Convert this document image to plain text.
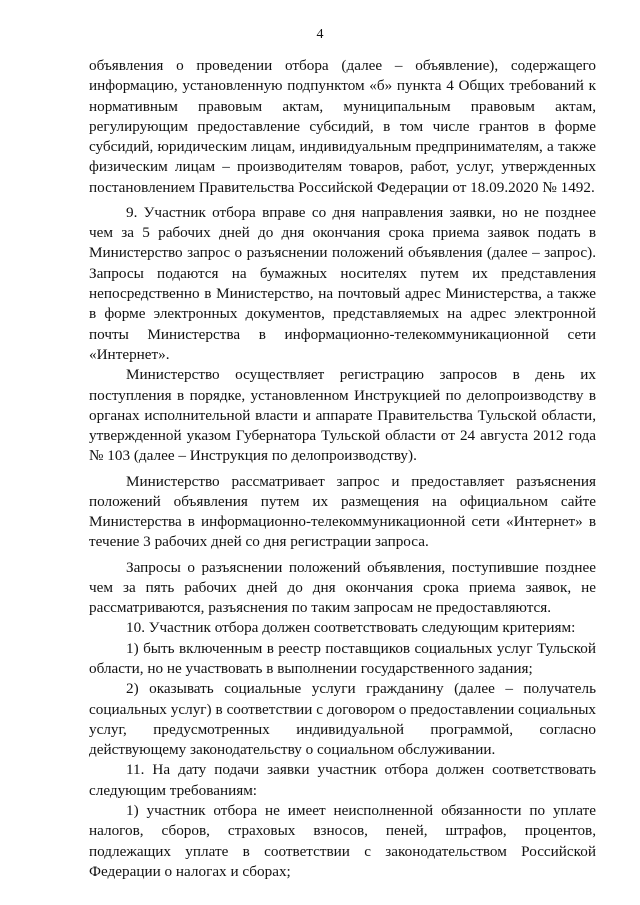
4

объявления о проведении отбора (далее – объявление), содержащего информацию, установленную подпунктом «б» пункта 4 Общих требований к нормативным правовым актам, муниципальным правовым актам, регулирующим предоставление субсидий, в том числе грантов в форме субсидий, юридическим лицам, индивидуальным предпринимателям, а также физическим лицам – производителям товаров, работ, услуг, утвержденных постановлением Правительства Российской Федерации от 18.09.2020 № 1492.

9. Участник отбора вправе со дня направления заявки, но не позднее чем за 5 рабочих дней до дня окончания срока приема заявок подать в Министерство запрос о разъяснении положений объявления (далее – запрос). Запросы подаются на бумажных носителях путем их представления непосредственно в Министерство, на почтовый адрес Министерства, а также в форме электронных документов, представляемых на адрес электронной почты Министерства в информационно-телекоммуникационной сети «Интернет».

Министерство осуществляет регистрацию запросов в день их поступления в порядке, установленном Инструкцией по делопроизводству в органах исполнительной власти и аппарате Правительства Тульской области, утвержденной указом Губернатора Тульской области от 24 августа 2012 года № 103 (далее – Инструкция по делопроизводству).

Министерство рассматривает запрос и предоставляет разъяснения положений объявления путем их размещения на официальном сайте Министерства в информационно-телекоммуникационной сети «Интернет» в течение 3 рабочих дней со дня регистрации запроса.

Запросы о разъяснении положений объявления, поступившие позднее чем за пять рабочих дней до дня окончания срока приема заявок, не рассматриваются, разъяснения по таким запросам не предоставляются.

10. Участник отбора должен соответствовать следующим критериям:

1) быть включенным в реестр поставщиков социальных услуг Тульской области, но не участвовать в выполнении государственного задания;

2) оказывать социальные услуги гражданину (далее – получатель социальных услуг) в соответствии с договором о предоставлении социальных услуг, предусмотренных индивидуальной программой, согласно действующему законодательству о социальном обслуживании.

11. На дату подачи заявки участник отбора должен соответствовать следующим требованиям:

1) участник отбора не имеет неисполненной обязанности по уплате налогов, сборов, страховых взносов, пеней, штрафов, процентов, подлежащих уплате в соответствии с законодательством Российской Федерации о налогах и сборах;
